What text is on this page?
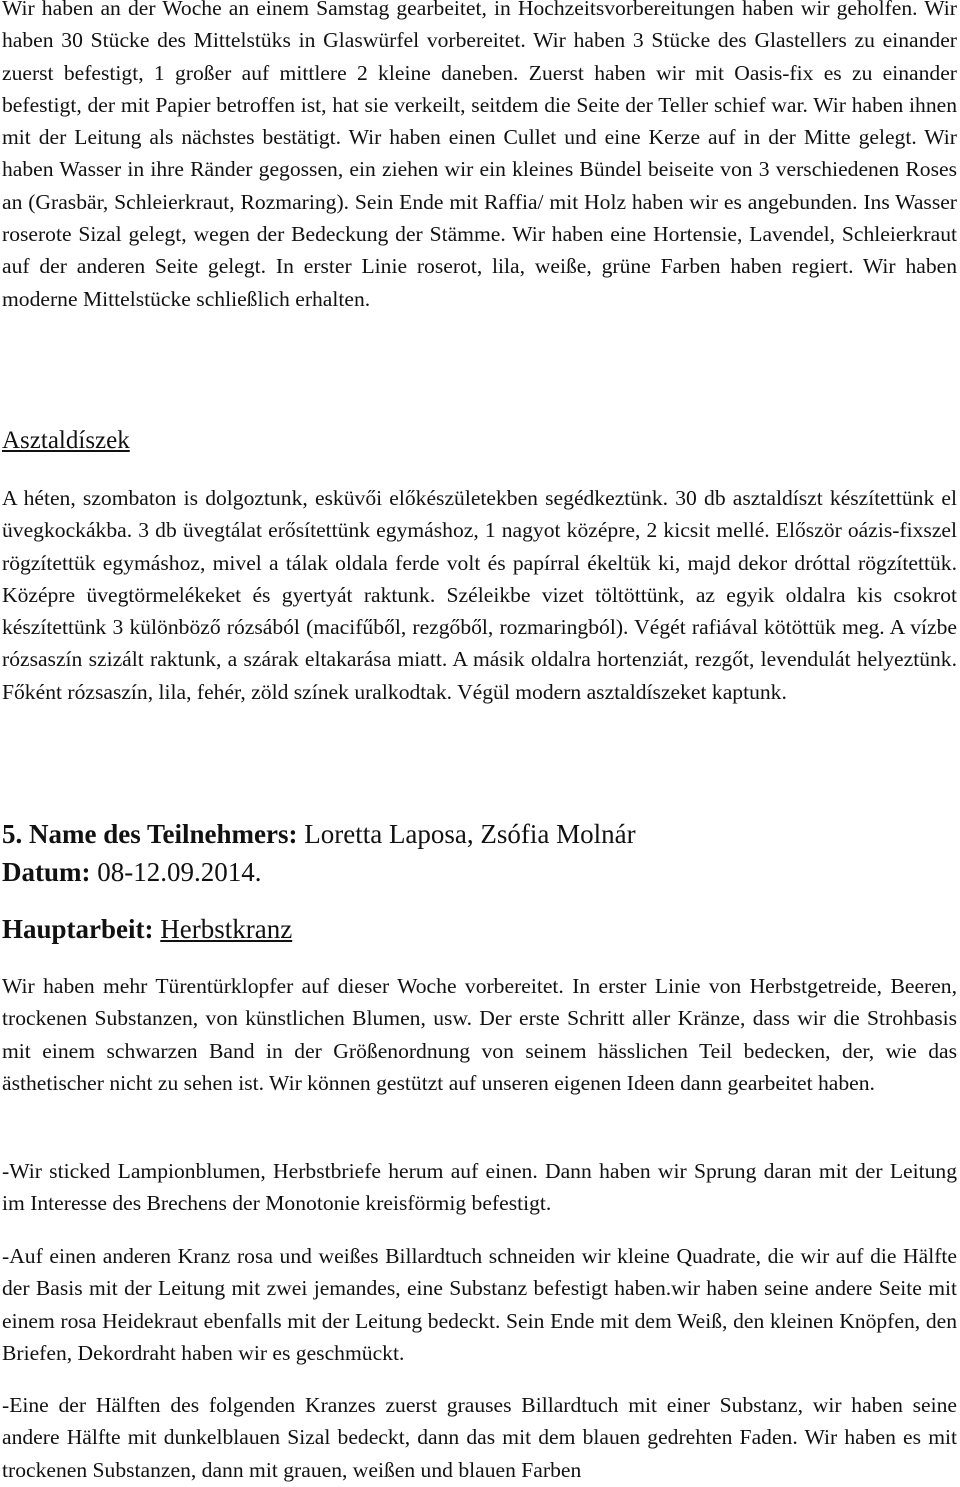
Wir haben an der Woche an einem Samstag gearbeitet, in Hochzeitsvorbereitungen haben wir geholfen. Wir haben 30 Stücke des Mittelstüks in Glaswürfel vorbereitet. Wir haben 3 Stücke des Glastellers zu einander zuerst befestigt, 1 großer auf mittlere 2 kleine daneben. Zuerst haben wir mit Oasis-fix es zu einander befestigt, der mit Papier betroffen ist, hat sie verkeilt, seitdem die Seite der Teller schief war. Wir haben ihnen mit der Leitung als nächstes bestätigt. Wir haben einen Cullet und eine Kerze auf in der Mitte gelegt. Wir haben Wasser in ihre Ränder gegossen, ein ziehen wir ein kleines Bündel beiseite von 3 verschiedenen Roses an (Grasbär, Schleierkraut, Rozmaring). Sein Ende mit Raffia/ mit Holz haben wir es angebunden. Ins Wasser roserote Sizal gelegt, wegen der Bedeckung der Stämme. Wir haben eine Hortensie, Lavendel, Schleierkraut auf der anderen Seite gelegt. In erster Linie roserot, lila, weiße, grüne Farben haben regiert. Wir haben moderne Mittelstücke schließlich erhalten.

Asztaldíszek

A héten, szombaton is dolgoztunk, esküvői előkészületekben segédkeztünk. 30 db asztaldíszt készítettünk el üvegkockákba. 3 db üvegtálat erősítettünk egymáshoz, 1 nagyot középre, 2 kicsit mellé. Először oázis-fixszel rögzítettük egymáshoz, mivel a tálak oldala ferde volt és papírral ékeltük ki, majd dekor dróttal rögzítettük. Középre üvegtörmelékeket és gyertyát raktunk. Széleikbe vizet töltöttünk, az egyik oldalra kis csokrot készítettünk 3 különböző rózsából (macifűből, rezgőből, rozmaringból). Végét rafiával kötöttük meg. A vízbe rózsaszín szizált raktunk, a szárak eltakarása miatt. A másik oldalra hortenziát, rezgőt, levendulát helyeztünk. Főként rózsaszín, lila, fehér, zöld színek uralkodtak. Végül modern asztaldíszeket kaptunk.

5. Name des Teilnehmers: Loretta Laposa, Zsófia Molnár
Datum: 08-12.09.2014.
Hauptarbeit: Herbstkranz

Wir haben mehr Türentürklopfer auf dieser Woche vorbereitet. In erster Linie von Herbstgetreide, Beeren, trockenen Substanzen, von künstlichen Blumen, usw. Der erste Schritt aller Kränze, dass wir die Strohbasis mit einem schwarzen Band in der Größenordnung von seinem hässlichen Teil bedecken, der, wie das ästhetischer nicht zu sehen ist. Wir können gestützt auf unseren eigenen Ideen dann gearbeitet haben.

-Wir sticked Lampionblumen, Herbstbriefe herum auf einen. Dann haben wir Sprung daran mit der Leitung im Interesse des Brechens der Monotonie kreisförmig befestigt.

-Auf einen anderen Kranz rosa und weißes Billardtuch schneiden wir kleine Quadrate, die wir auf die Hälfte der Basis mit der Leitung mit zwei jemandes, eine Substanz befestigt haben.wir haben seine andere Seite mit einem rosa Heidekraut ebenfalls mit der Leitung bedeckt. Sein Ende mit dem Weiß, den kleinen Knöpfen, den Briefen, Dekordraht haben wir es geschmückt.

-Eine der Hälften des folgenden Kranzes zuerst grauses Billardtuch mit einer Substanz, wir haben seine andere Hälfte mit dunkelblauen Sizal bedeckt, dann das mit dem blauen gedrehten Faden. Wir haben es mit trockenen Substanzen, dann mit grauen, weißen und blauen Farben
